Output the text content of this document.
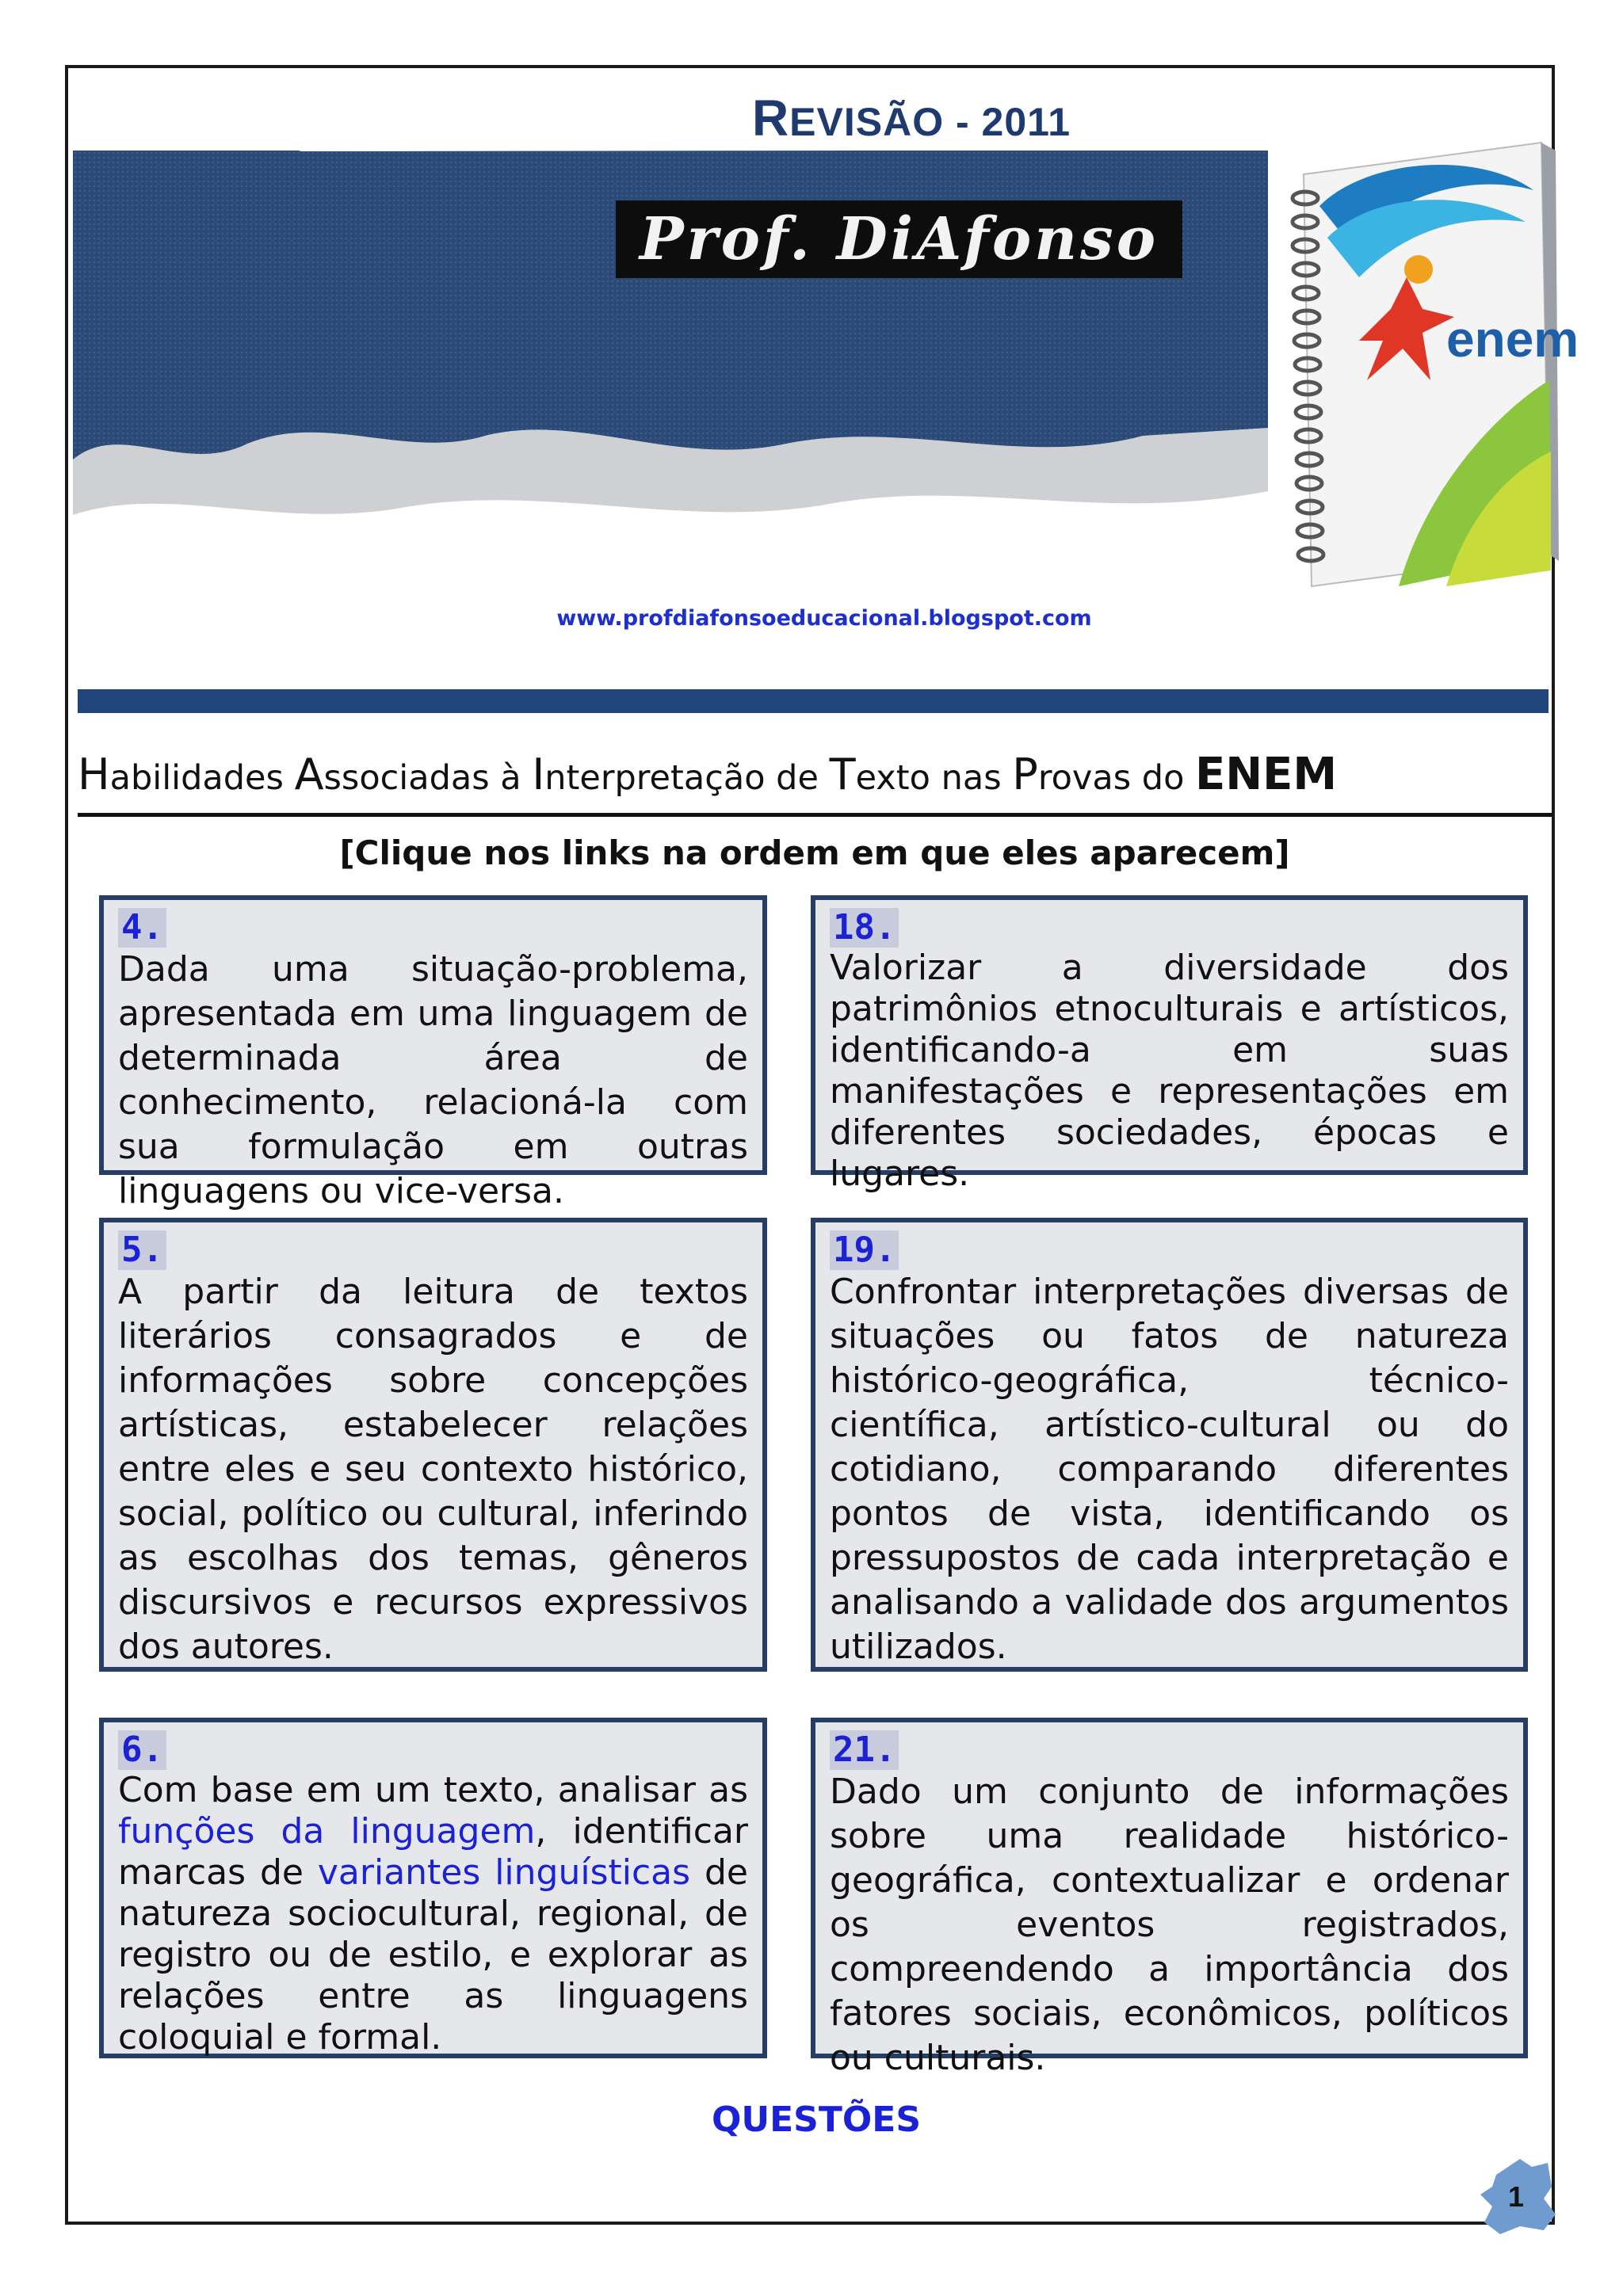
REVISÃO - 2011
Prof. DiAfonso
enem
www.profdiafonsoeducacional.blogspot.com
Habilidades Associadas à Interpretação de Texto nas Provas do ENEM
[Clique nos links na ordem em que eles aparecem]
4.
Dada uma situação-problema, apresentada em uma linguagem de determinada área de conhecimento, relacioná-la com sua formulação em outras linguagens ou vice-versa.
18.
Valorizar a diversidade dos patrimônios etnoculturais e artísticos, identificando-a em suas manifestações e representações em diferentes sociedades, épocas e lugares.
5.
A partir da leitura de textos literários consagrados e de informações sobre concepções artísticas, estabelecer relações entre eles e seu contexto histórico, social, político ou cultural, inferindo as escolhas dos temas, gêneros discursivos e recursos expressivos dos autores.
19.
Confrontar interpretações diversas de situações ou fatos de natureza histórico-geográfica, técnico-científica, artístico-cultural ou do cotidiano, comparando diferentes pontos de vista, identificando os pressupostos de cada interpretação e analisando a validade dos argumentos utilizados.
6.
Com base em um texto, analisar as funções da linguagem, identificar marcas de variantes linguísticas de natureza sociocultural, regional, de registro ou de estilo, e explorar as relações entre as linguagens coloquial e formal.
21.
Dado um conjunto de informações sobre uma realidade histórico-geográfica, contextualizar e ordenar os eventos registrados, compreendendo a importância dos fatores sociais, econômicos, políticos ou culturais.
QUESTÕES
1
